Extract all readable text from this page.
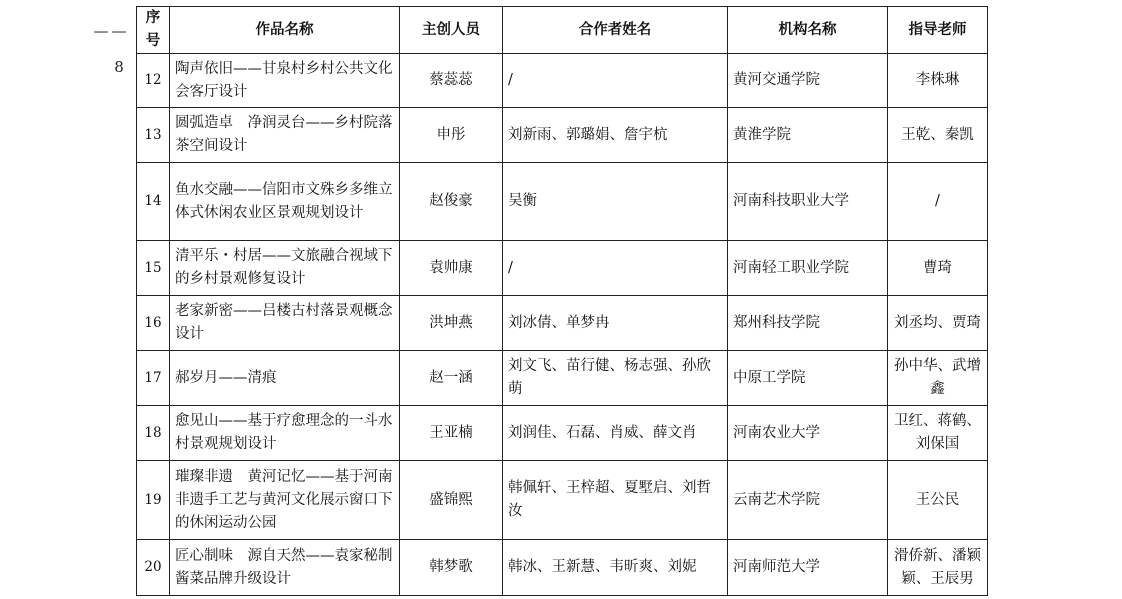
— 8 —
序号	作品名称	主创人员	合作者姓名	机构名称	指导老师
12	陶声依旧——甘泉村乡村公共文化会客厅设计	蔡蕊蕊	/	黄河交通学院	李株琳
13	圆弧造卓　净润灵台——乡村院落茶空间设计	申彤	刘新雨、郭璐娟、詹宇杭	黄淮学院	王乾、秦凯
14	鱼水交融——信阳市文殊乡多维立体式休闲农业区景观规划设计	赵俊豪	吴衡	河南科技职业大学	/
15	清平乐・村居——文旅融合视域下的乡村景观修复设计	袁帅康	/	河南轻工职业学院	曹琦
16	老家新密——吕楼古村落景观概念设计	洪坤燕	刘冰倩、单梦冉	郑州科技学院	刘丞均、贾琦
17	郝岁月——清痕	赵一涵	刘文飞、苗行健、杨志强、孙欣萌	中原工学院	孙中华、武增鑫
18	愈见山——基于疗愈理念的一斗水村景观规划设计	王亚楠	刘润佳、石磊、肖威、薛文肖	河南农业大学	卫红、蒋鹤、刘保国
19	璀璨非遗　黄河记忆——基于河南非遗手工艺与黄河文化展示窗口下的休闲运动公园	盛锦熙	韩佩轩、王梓超、夏墅启、刘哲汝	云南艺术学院	王公民
20	匠心制味　源自天然——袁家秘制酱菜品牌升级设计	韩梦歌	韩冰、王新慧、韦昕爽、刘妮	河南师范大学	滑侨新、潘颖颖、王辰男
